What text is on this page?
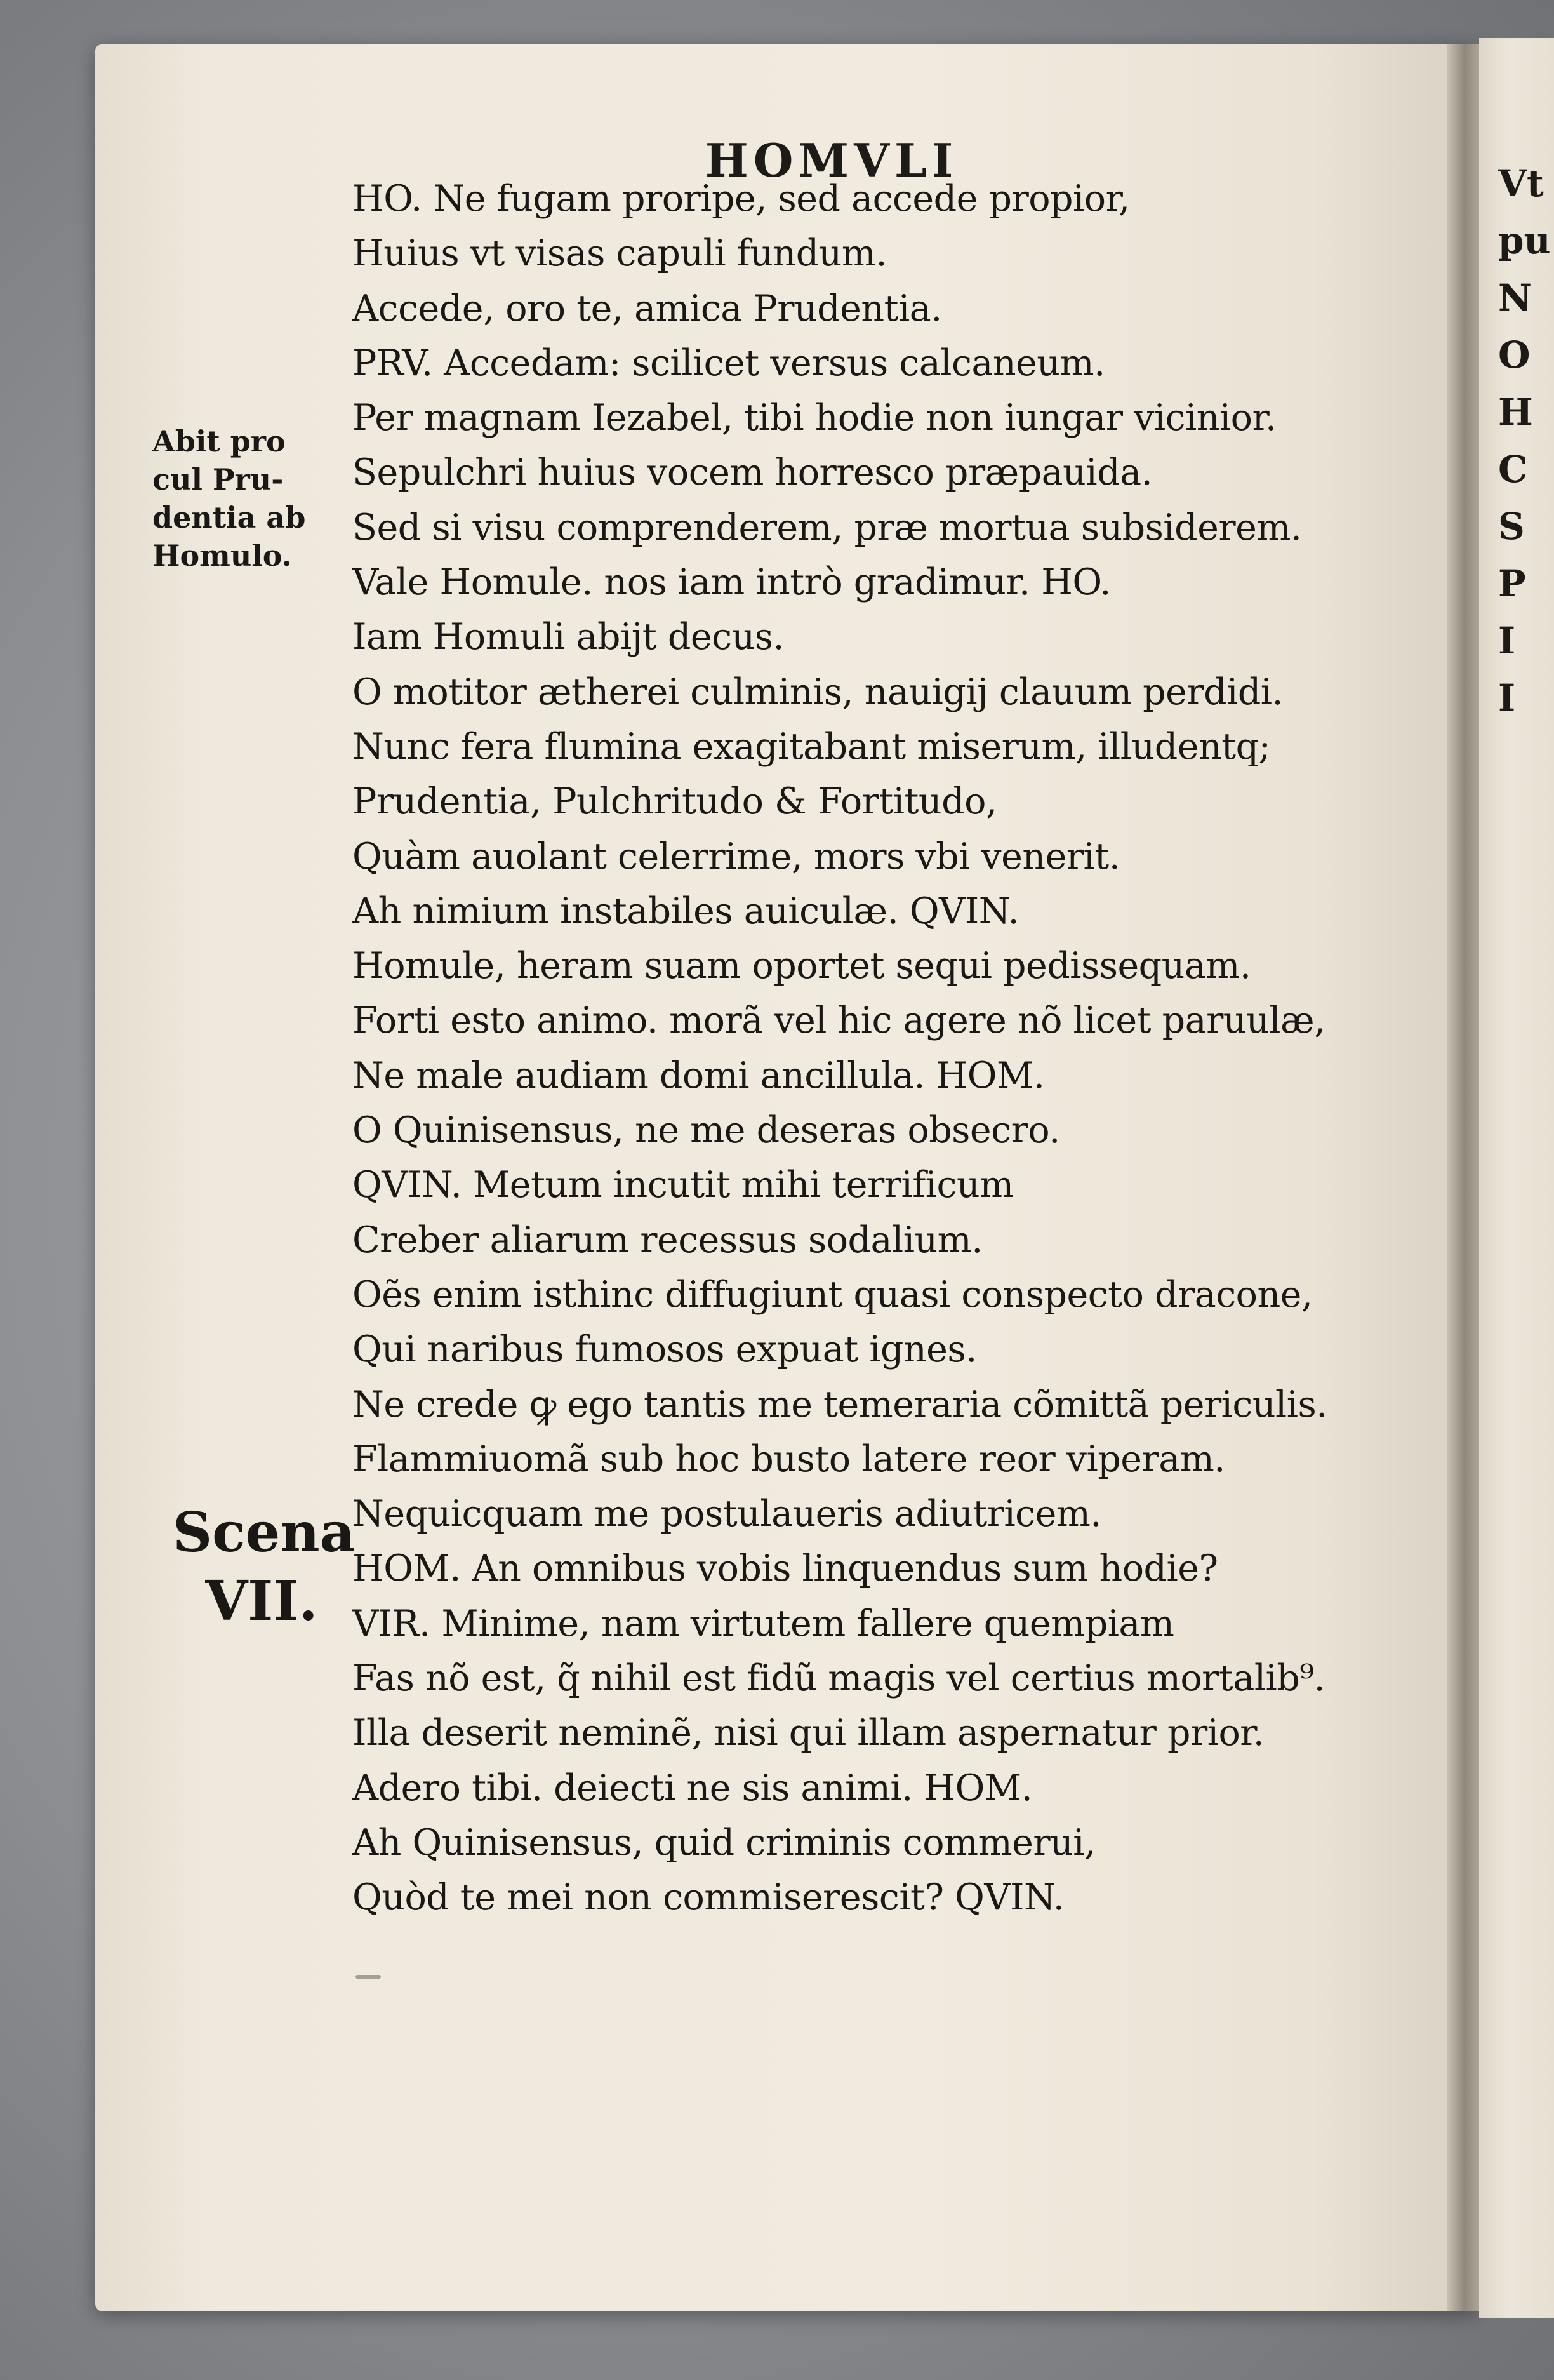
Vt
pu
N
O
H
C
S
P
I
I
HOMVLI
Abit pro
cul Pru-
dentia ab
Homulo.
Scena
VII.
HO. Ne fugam proripe, sed accede propior,
Huius vt visas capuli fundum.
Accede, oro te, amica Prudentia.
PRV. Accedam: scilicet versus calcaneum.
Per magnam Iezabel, tibi hodie non iungar vicinior.
Sepulchri huius vocem horresco præpauida.
Sed si visu comprenderem, præ mortua subsiderem.
Vale Homule. nos iam intrò gradimur. HO.
Iam Homuli abijt decus.
O motitor ætherei culminis, nauigij clauum perdidi.
Nunc fera flumina exagitabant miserum, illudentq;
Prudentia, Pulchritudo & Fortitudo,
Quàm auolant celerrime, mors vbi venerit.
Ah nimium instabiles auiculæ. QVIN.
Homule, heram suam oportet sequi pedissequam.
Forti esto animo. morã vel hic agere nõ licet paruulæ,
Ne male audiam domi ancillula. HOM.
O Quinisensus, ne me deseras obsecro.
QVIN. Metum incutit mihi terrificum
Creber aliarum recessus sodalium.
Oẽs enim isthinc diffugiunt quasi conspecto dracone,
Qui naribus fumosos expuat ignes.
Ne crede ꝙ ego tantis me temeraria cõmittã periculis.
Flammiuomã sub hoc busto latere reor viperam.
Nequicquam me postulaueris adiutricem.
HOM. An omnibus vobis linquendus sum hodie?
VIR. Minime, nam virtutem fallere quempiam
Fas nõ est, q̃ nihil est fidũ magis vel certius mortalib⁹.
Illa deserit neminẽ, nisi qui illam aspernatur prior.
Adero tibi. deiecti ne sis animi. HOM.
Ah Quinisensus, quid criminis commerui,
Quòd te mei non commiserescit? QVIN.
